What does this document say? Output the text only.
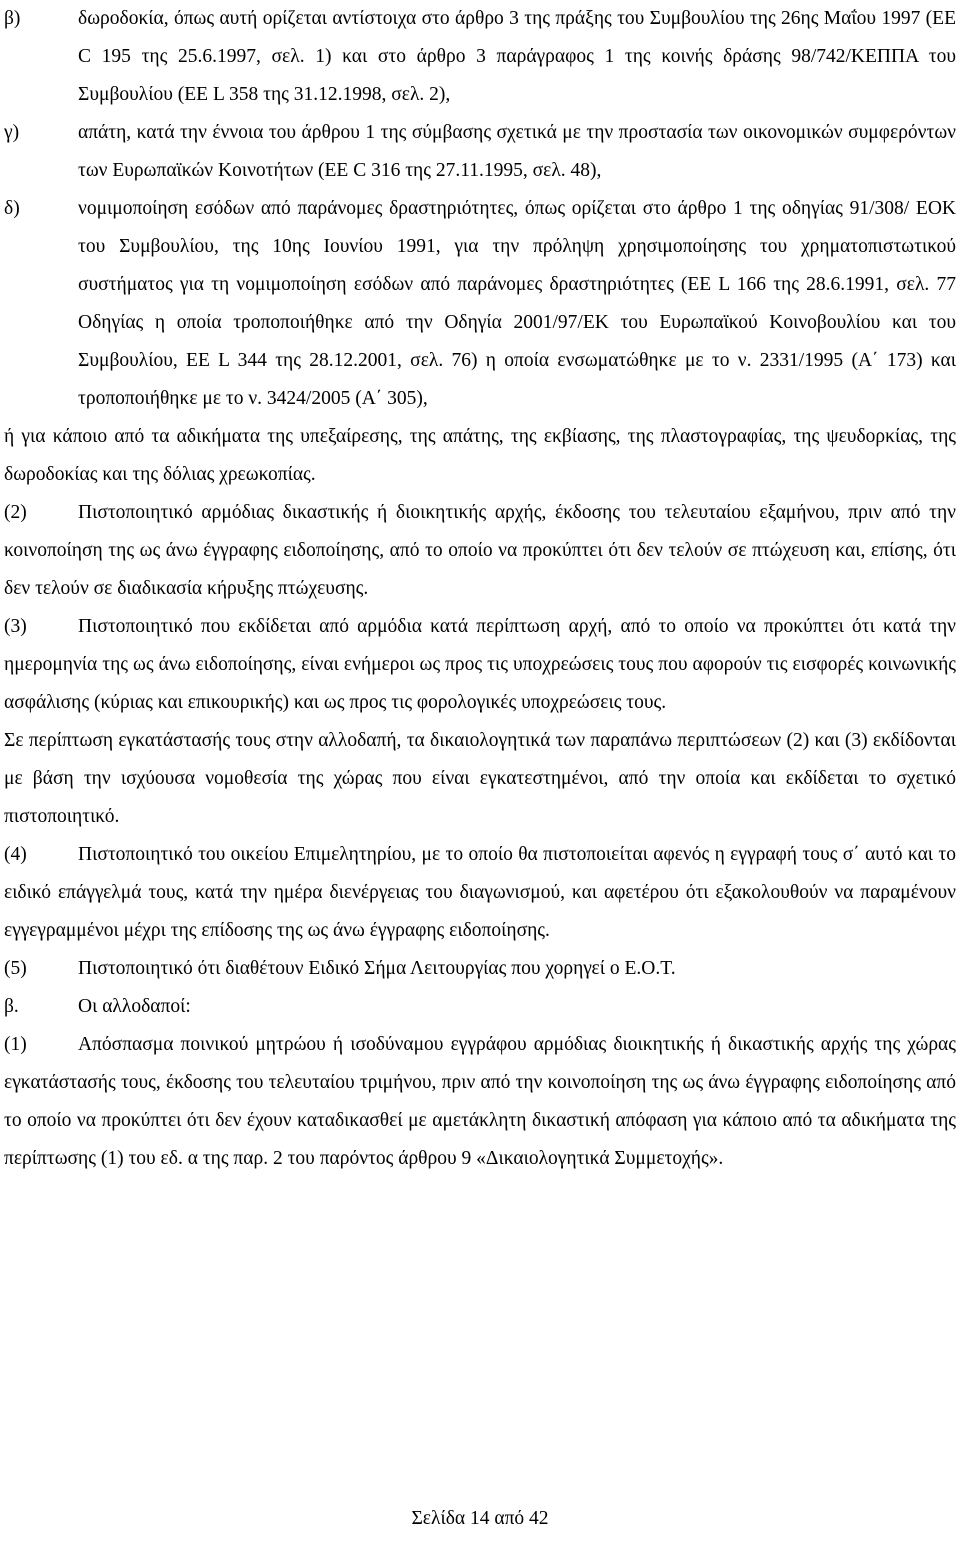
β)	δωροδοκία, όπως αυτή ορίζεται αντίστοιχα στο άρθρο 3 της πράξης του Συμβουλίου της 26ης Μαΐου 1997 (ΕΕ C 195 της 25.6.1997, σελ. 1) και στο άρθρο 3 παράγραφος 1 της κοινής δράσης 98/742/ΚΕΠΠΑ του Συμβουλίου (ΕΕ L 358 της 31.12.1998, σελ. 2),
γ)	απάτη, κατά την έννοια του άρθρου 1 της σύμβασης σχετικά με την προστασία των οικονομικών συμφερόντων των Ευρωπαϊκών Κοινοτήτων (ΕΕ C 316 της 27.11.1995, σελ. 48),
δ)	νομιμοποίηση εσόδων από παράνομες δραστηριότητες, όπως ορίζεται στο άρθρο 1 της οδηγίας 91/308/ ΕΟΚ του Συμβουλίου, της 10ης Ιουνίου 1991, για την πρόληψη χρησιμοποίησης του χρηματοπιστωτικού συστήματος για τη νομιμοποίηση εσόδων από παράνομες δραστηριότητες (ΕΕ L 166 της 28.6.1991, σελ. 77 Οδηγίας η οποία τροποποιήθηκε από την Οδηγία 2001/97/ΕΚ του Ευρωπαϊκού Κοινοβουλίου και του Συμβουλίου, ΕΕ L 344 της 28.12.2001, σελ. 76) η οποία ενσωματώθηκε με το ν. 2331/1995 (Α΄ 173) και τροποποιήθηκε με το ν. 3424/2005 (Α΄ 305),
ή για κάποιο από τα αδικήματα της υπεξαίρεσης, της απάτης, της εκβίασης, της πλαστογραφίας, της ψευδορκίας, της δωροδοκίας και της δόλιας χρεωκοπίας.
(2)	Πιστοποιητικό αρμόδιας δικαστικής ή διοικητικής αρχής, έκδοσης του τελευταίου εξαμήνου, πριν από την κοινοποίηση της ως άνω έγγραφης ειδοποίησης, από το οποίο να προκύπτει ότι δεν τελούν σε πτώχευση και, επίσης, ότι δεν τελούν σε διαδικασία κήρυξης πτώχευσης.
(3)	Πιστοποιητικό που εκδίδεται από αρμόδια κατά περίπτωση αρχή, από το οποίο να προκύπτει ότι κατά την ημερομηνία της ως άνω ειδοποίησης, είναι ενήμεροι ως προς τις υποχρεώσεις τους που αφορούν τις εισφορές κοινωνικής ασφάλισης (κύριας και επικουρικής) και ως προς τις φορολογικές υποχρεώσεις τους.
Σε περίπτωση εγκατάστασής τους στην αλλοδαπή, τα δικαιολογητικά των παραπάνω περιπτώσεων (2) και (3) εκδίδονται με βάση την ισχύουσα νομοθεσία της χώρας που είναι εγκατεστημένοι, από την οποία και εκδίδεται το σχετικό πιστοποιητικό.
(4)	Πιστοποιητικό του οικείου Επιμελητηρίου, με το οποίο θα πιστοποιείται αφενός η εγγραφή τους σ΄ αυτό και το ειδικό επάγγελμά τους, κατά την ημέρα διενέργειας του διαγωνισμού, και αφετέρου ότι εξακολουθούν να παραμένουν εγγεγραμμένοι μέχρι της επίδοσης της ως άνω έγγραφης ειδοποίησης.
(5)	Πιστοποιητικό ότι διαθέτουν Ειδικό Σήμα Λειτουργίας που χορηγεί ο Ε.Ο.Τ.
β.	Οι αλλοδαποί:
(1)	Απόσπασμα ποινικού μητρώου ή ισοδύναμου εγγράφου αρμόδιας διοικητικής ή δικαστικής αρχής της χώρας εγκατάστασής τους, έκδοσης του τελευταίου τριμήνου, πριν από την κοινοποίηση της ως άνω έγγραφης ειδοποίησης από το οποίο να προκύπτει ότι δεν έχουν καταδικασθεί με αμετάκλητη δικαστική απόφαση για κάποιο από τα αδικήματα της περίπτωσης (1) του εδ. α της παρ. 2 του παρόντος άρθρου 9 «Δικαιολογητικά Συμμετοχής».
Σελίδα 14 από 42
